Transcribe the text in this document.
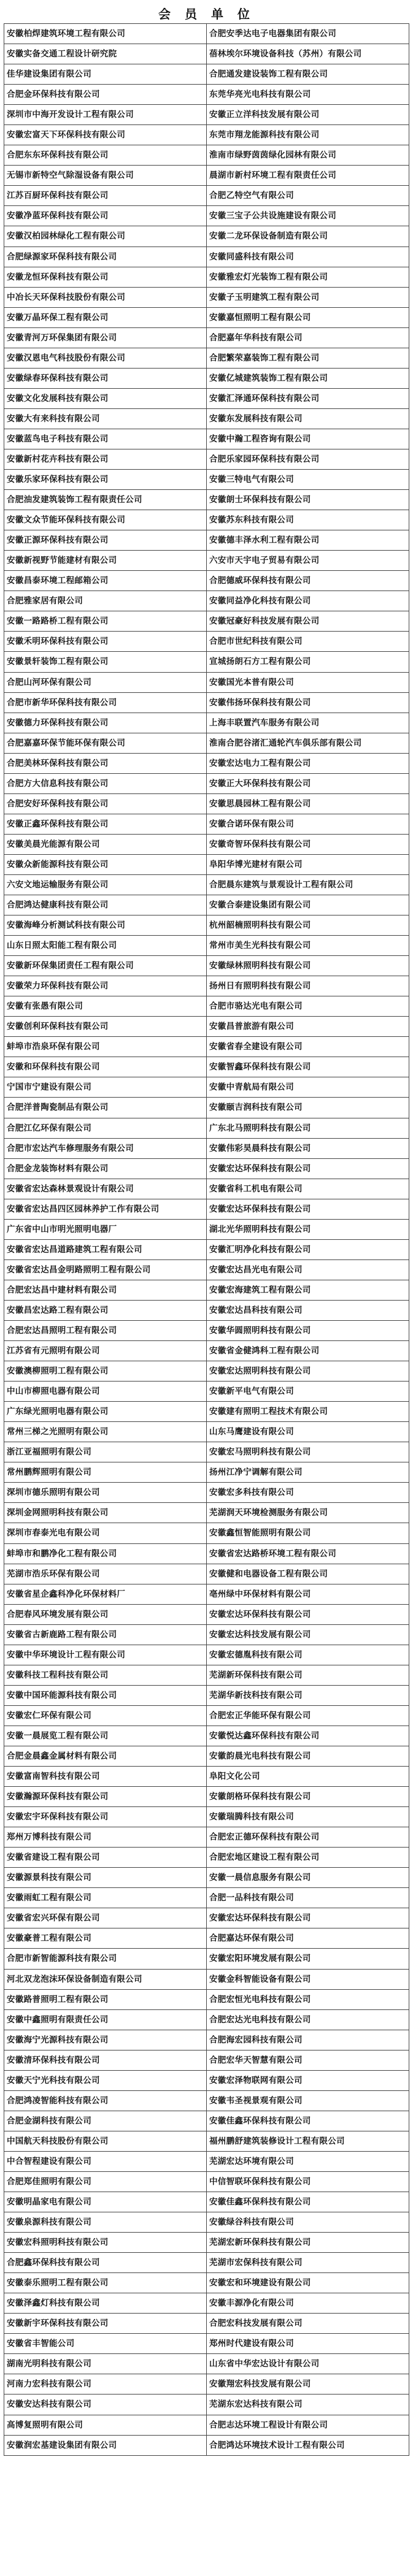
会 员 单 位
安徽柏焊建筑环境工程有限公司	合肥安季达电子电器集团有限公司
安徽实备交通工程设计研究院	蓓林埃尔环境设备科技（苏州）有限公司
佳华建设集团有限公司	合肥通发建设装饰工程有限公司
合肥金环保科技有限公司	东莞华亮光电科技有限公司
深圳市中海开发设计工程有限公司	安徽正立洋科技发展有限公司
安徽宏富天下环保科技有限公司	东莞市翔龙能源科技有限公司
合肥东东环保科技有限公司	淮南市绿野茵茵绿化园林有限公司
无锡市新特空气除湿设备有限公司	晨湖市新村环境工程有限责任公司
江苏百厨环保科技有限公司	合肥乙特空气有限公司
安徽净蓝环保科技有限公司	安徽三宝子公共设施建设有限公司
安徽汉柏园林绿化工程有限公司	安徽二龙环保设备制造有限公司
合肥绿源家环保科技有限公司	安徽同盛科技有限公司
安徽龙恒环保科技有限公司	安徽雅宏灯光装饰工程有限公司
中冶长天环保科技股份有限公司	安徽子玉明建筑工程有限公司
安徽万晶环保工程有限公司	安徽嘉恒照明工程有限公司
安徽青河万环保集团有限公司	合肥嘉年华科技有限公司
安徽汉恩电气科技股份有限公司	合肥繁荣嘉装饰工程有限公司
安徽绿春环保科技有限公司	安徽亿城建筑装饰工程有限公司
安徽文化发展科技有限公司	安徽汇泽通环保科技有限公司
安徽大有来科技有限公司	安徽东发展科技有限公司
安徽蓝鸟电子科技有限公司	安徽中瀚工程咨询有限公司
安徽新村花卉科技有限公司	合肥乐家园环保科技有限公司
安徽乐家环保科技有限公司	安徽三特电气有限公司
合肥油发建筑装饰工程有限责任公司	安徽朗士环保科技有限公司
安徽文众节能环保科技有限公司	安徽苏东科技有限公司
安徽正源环保科技有限公司	安徽德丰泽水利工程有限公司
安徽新视野节能建材有限公司	六安市天宇电子贸易有限公司
安徽昌泰环境工程邮箱公司	合肥德威环保科技有限公司
合肥雅家居有限公司	安徽同益净化科技有限公司
安徽一路路桥工程有限公司	安徽冠豪好科技发展有限公司
安徽禾明环保科技有限公司	合肥市世纪科技有限公司
安徽景轩装饰工程有限公司	宣城扬朗石方工程有限公司
合肥山河环保有限公司	安徽国光本普有限公司
合肥市新华环保科技有限公司	安徽伟扬环保科技有限公司
安徽德力环保科技有限公司	上海丰联置汽车服务有限公司
合肥嘉嘉环保节能环保有限公司	淮南合肥谷渚汇通轮汽车俱乐部有限公司
合肥美林环保科技有限公司	安徽宏达电力工程有限公司
合肥方大信息科技有限公司	安徽正大环保科技有限公司
合肥安好环保科技有限公司	安徽思晨园林工程有限公司
安徽正鑫环保科技有限公司	安徽合诺环保有限公司
安徽美晨光能源有限公司	安徽奇智环保科技有限公司
安徽众新能源科技有限公司	阜阳华博光建材有限公司
六安文地运输服务有限公司	合肥晨东建筑与景观设计工程有限公司
合肥鸿达健康科技有限公司	安徽合泰建设集团有限公司
安徽海峰分析测试科技有限公司	杭州韶楠照明科技有限公司
山东日照太阳能工程有限公司	常州市美生光科技有限公司
安徽新环保集团责任工程有限公司	安徽绿林照明科技有限公司
安徽荣力环保科技有限公司	扬州日有照明科技有限公司
安徽有张愚有限公司	合肥市骆达光电有限公司
安徽创利环保科技有限公司	安徽昌普旅游有限公司
蚌埠市浩泉环保有限公司	安徽省春全建设有限公司
安徽和环保科技有限公司	安徽智鑫环保科技有限公司
宁国市宁建设有限公司	安徽中青航局有限公司
合肥洋普陶瓷制品有限公司	安徽颐吉润科技有限公司
合肥江亿环保有限公司	广东北马照明科技有限公司
合肥市宏达汽车修理服务有限公司	安徽伟彩昊晨科技有限公司
合肥金龙装饰材料有限公司	安徽宏达环保科技有限公司
安徽省宏达森林景观设计有限公司	安徽省科工机电有限公司
安徽省宏达昌四区园林养护工作有限公司	安徽宏达环保科技有限公司
广东省中山市明光照明电器厂	湖北光华照明科技有限公司
安徽省宏达昌道路建筑工程有限公司	安徽汇明净化科技有限公司
安徽省宏达昌金明路照明工程有限公司	安徽宏达昌光电有限公司
合肥宏达昌中建材料有限公司	安徽宏海建筑工程有限公司
安徽昌宏达路工程有限公司	安徽宏达昌科技有限公司
合肥宏达昌照明工程有限公司	安徽华圆照明科技有限公司
江苏省有元照明有限公司	安徽省金健鸿科工程有限公司
安徽澳柳照明工程有限公司	安徽宏达照明科技有限公司
中山市柳照电器有限公司	安徽新平电气有限公司
广东绿光照明电器有限公司	安徽建有照明工程技术有限公司
常州三梯之光照明有限公司	山东马鹰建设有限公司
浙江亚福照明有限公司	安徽宏马照明科技有限公司
常州鹏辉照明有限公司	扬州江净宁调解有限公司
深圳市德乐照明有限公司	安徽宏多科技有限公司
深圳金网照明科技有限公司	芜湖润天环境检测服务有限公司
深圳市春泰光电有限公司	安徽鑫恒智能照明有限公司
蚌埠市和鹏净化工程有限公司	安徽省宏达路桥环境工程有限公司
芜湖市浩乐环保有限公司	安徽健和电器设备工程有限公司
安徽省星企鑫科净化环保材料厂	亳州绿中环保材料有限公司
合肥春风环境发展有限公司	安徽宏达环保科技有限公司
安徽省古新鹿路工程有限公司	安徽宏达科技发展有限公司
安徽中华环境设计工程有限公司	安徽宏德胤科技有限公司
安徽科技工程科技有限公司	芜湖新环保科技有限公司
安徽中国环能源科技有限公司	芜湖华新技科技有限公司
安徽宏仁环保有限公司	合肥宏正华能环保有限公司
安徽一晨展览工程有限公司	安徽悦达鑫环保科技有限公司
合肥金晨鑫金属材料有限公司	安徽韵晨光电科技有限公司
安徽富南智科技有限公司	阜阳文化公司
安徽瀚源环保科技有限公司	安徽朗格环保科技有限公司
安徽宏宇环保科技有限公司	安徽瑞腾科技有限公司
郑州万博科技有限公司	合肥宏正德环保科技有限公司
安徽省建设工程有限公司	合肥宏地区建设工程有限公司
安徽源景科技有限公司	安徽一晨信息服务有限公司
安徽雨虹工程有限公司	合肥一品科技有限公司
安徽省宏兴环保有限公司	安徽宏达环保科技有限公司
安徽豪普工程有限公司	合肥嘉达环保有限公司
合肥市新智能源科技有限公司	安徽宏阳环境发展有限公司
河北双龙泡沫环保设备制造有限公司	安徽金科智能设备有限公司
安徽路普照明工程有限公司	合肥宏恒光电科技有限公司
安徽中鑫照明有限责任公司	合肥宏达光电科技有限公司
安徽海宁光源科技有限公司	合肥海宏园科技有限公司
安徽清环保科技有限公司	合肥宏华天智慧有限公司
安徽天宁光科技有限公司	安徽宏泽物联网有限公司
合肥鸿凌智能科技有限公司	安徽韦圣视景观有限公司
合肥金湖科技有限公司	安徽佳鑫环保科技有限公司
中国航天科技股份有限公司	福州鹏舒建筑装修设计工程有限公司
中合智程建设有限公司	芜湖宏达环境有限公司
合肥郑佳照明有限公司	中信智联环保科技有限公司
安徽明晶家电有限公司	安徽佳鑫环保科技有限公司
安徽泉源科技有限公司	安徽绿谷科技有限公司
安徽宏科照明科技有限公司	芜湖宏新环保科技有限公司
合肥鑫环保科技有限公司	芜湖市宏保科技有限公司
安徽泰乐照明工程有限公司	安徽宏和环境建设有限公司
安徽泽鑫灯科技有限公司	安徽丰源净化有限公司
安徽新宇环保科技有限公司	合肥宏科技发展有限公司
安徽省丰智能公司	郑州时代建设有限公司
湖南光明科技有限公司	山东省中华宏达设计有限公司
河南力宏科技有限公司	安徽翔宏科技发展有限公司
安徽安达科技有限公司	芜湖东宏达科技有限公司
高博复照明有限公司	合肥志达环境工程设计有限公司
安徽润宏基建设集团有限公司	合肥鸿达环境技术设计工程有限公司
